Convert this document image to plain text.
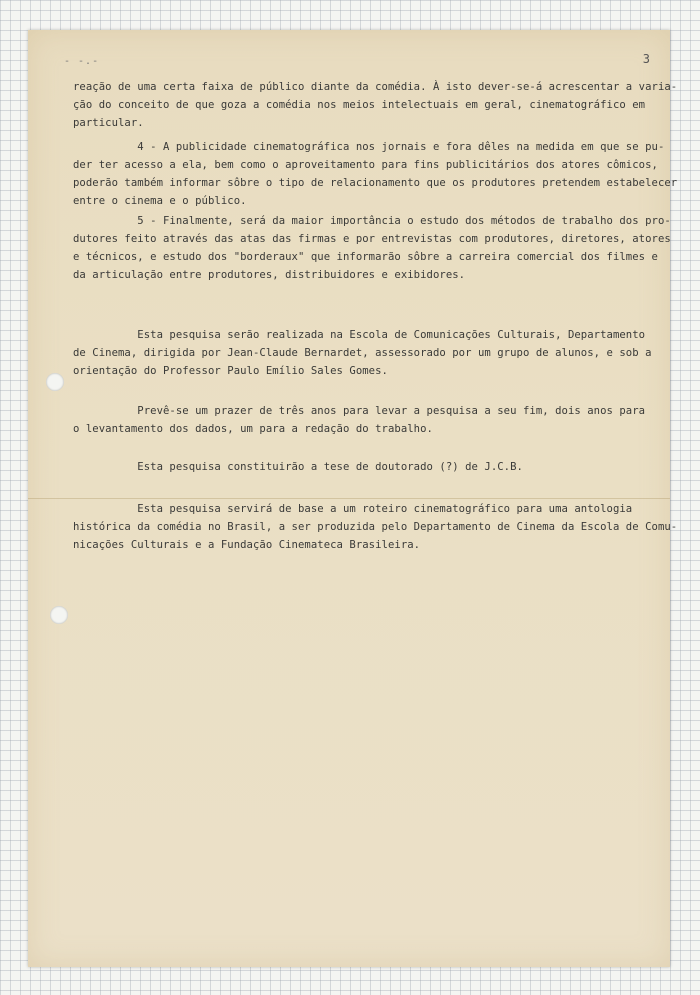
- -.-	3

reação de uma certa faixa de público diante da comédia. À isto dever-se-á acrescentar a varia-

ção do conceito de que goza a comédia nos meios intelectuais em geral, cinematográfico em

particular.

4 - A publicidade cinematográfica nos jornais e fora dêles na medida em que se pu-

der ter acesso a ela, bem como o aproveitamento para fins publicitários dos atores cômicos,

poderão também informar sôbre o tipo de relacionamento que os produtores pretendem estabelecer

entre o cinema e o público.

5 - Finalmente, será da maior importância o estudo dos métodos de trabalho dos pro-

dutores feito através das atas das firmas e por entrevistas com produtores, diretores, atores

e técnicos, e estudo dos "borderaux" que informarão sôbre a carreira comercial dos filmes e

da articulação entre produtores, distribuidores e exibidores.

Esta pesquisa serão realizada na Escola de Comunicações Culturais, Departamento

de Cinema, dirigida por Jean-Claude Bernardet, assessorado por um grupo de alunos, e sob a

orientação do Professor Paulo Emílio Sales Gomes.

Prevê-se um prazer de três anos para levar a pesquisa a seu fim, dois anos para

o levantamento dos dados, um para a redação do trabalho.

Esta pesquisa constituirão a tese de doutorado (?) de J.C.B.

Esta pesquisa servirá de base a um roteiro cinematográfico para uma antologia

histórica da comédia no Brasil, a ser produzida pelo Departamento de Cinema da Escola de Comu-

nicações Culturais e a Fundação Cinemateca Brasileira.
